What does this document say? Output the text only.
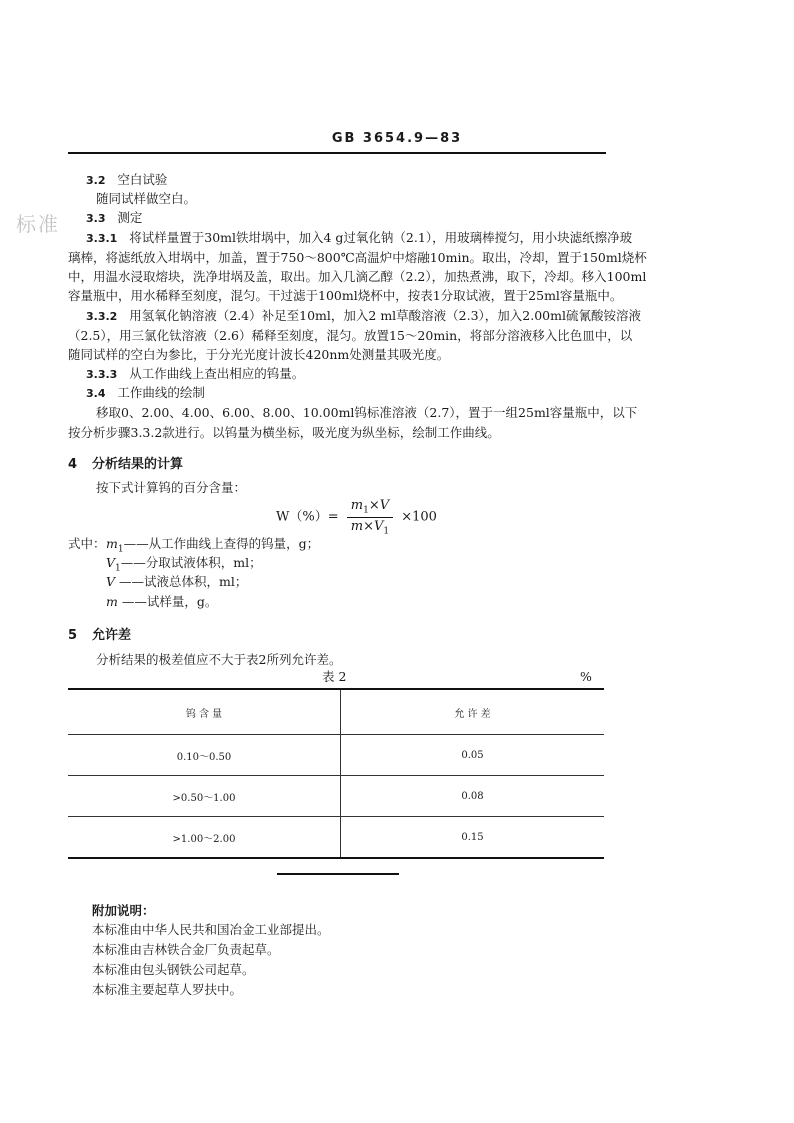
GB 3654.9—83
标准
3.2 空白试验
随同试样做空白。
3.3 测定
3.3.1 将试样量置于30ml铁坩埚中，加入4 g过氧化钠（2.1），用玻璃棒搅匀，用小块滤纸擦净玻
璃棒，将滤纸放入坩埚中，加盖，置于750～800℃高温炉中熔融10min。取出，冷却，置于150ml烧杯
中，用温水浸取熔块，洗净坩埚及盖，取出。加入几滴乙醇（2.2），加热煮沸，取下，冷却。移入100ml
容量瓶中，用水稀释至刻度，混匀。干过滤于100ml烧杯中，按表1分取试液，置于25ml容量瓶中。
3.3.2 用氢氧化钠溶液（2.4）补足至10ml，加入2 ml草酸溶液（2.3），加入2.00ml硫氰酸铵溶液
（2.5），用三氯化钛溶液（2.6）稀释至刻度，混匀。放置15～20min，将部分溶液移入比色皿中，以
随同试样的空白为参比，于分光光度计波长420nm处测量其吸光度。
3.3.3 从工作曲线上查出相应的钨量。
3.4 工作曲线的绘制
移取0、2.00、4.00、6.00、8.00、10.00ml钨标准溶液（2.7），置于一组25ml容量瓶中，以下
按分析步骤3.3.2款进行。以钨量为横坐标，吸光度为纵坐标，绘制工作曲线。
4 分析结果的计算
按下式计算钨的百分含量：
$W(\%)= \frac{m_1\times V}{m\times V_1} \times 100$
式中： $m_1——$从工作曲线上查得的钨量，g；
$V_1——$分取试液体积，ml；
V ——试液总体积，ml；
m ——试样量，g。
5 允许差
分析结果的极差值应不大于表2所列允许差。
表 2	%
钨 含 量	允 许 差
0.10～0.50	0.05
>0.50～1.00	0.08
>1.00～2.00	0.15
附加说明：
本标准由中华人民共和国冶金工业部提出。
本标准由吉林铁合金厂负责起草。
本标准由包头钢铁公司起草。
本标准主要起草人罗扶中。
